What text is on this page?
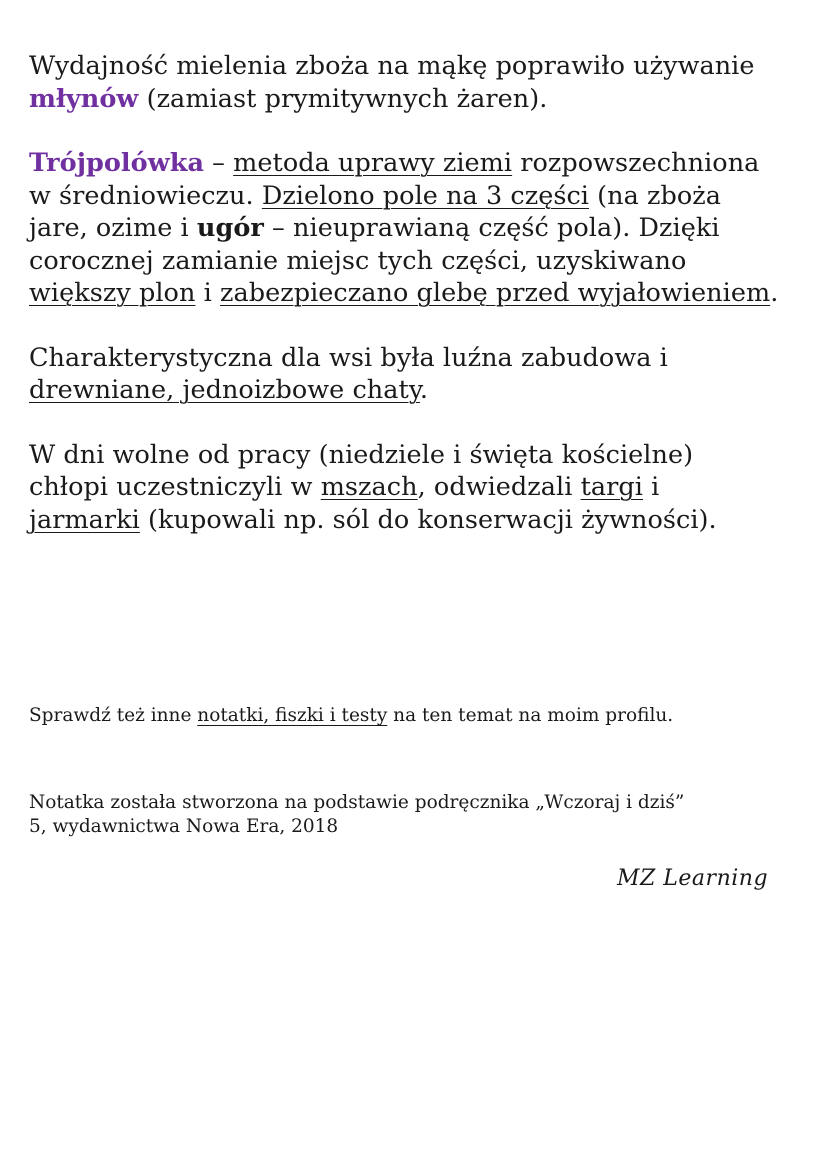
Wydajność mielenia zboża na mąkę poprawiło używanie
młynów (zamiast prymitywnych żaren).

Trójpolówka – metoda uprawy ziemi rozpowszechniona
w średniowieczu. Dzielono pole na 3 części (na zboża
jare, ozime i ugór – nieuprawianą część pola). Dzięki
corocznej zamianie miejsc tych części, uzyskiwano
większy plon i zabezpieczano glebę przed wyjałowieniem.

Charakterystyczna dla wsi była luźna zabudowa i
drewniane, jednoizbowe chaty.

W dni wolne od pracy (niedziele i święta kościelne)
chłopi uczestniczyli w mszach, odwiedzali targi i
jarmarki (kupowali np. sól do konserwacji żywności).

Sprawdź też inne notatki, fiszki i testy na ten temat na moim profilu.
Notatka została stworzona na podstawie podręcznika „Wczoraj i dziś”
5, wydawnictwa Nowa Era, 2018
MZ Learning
